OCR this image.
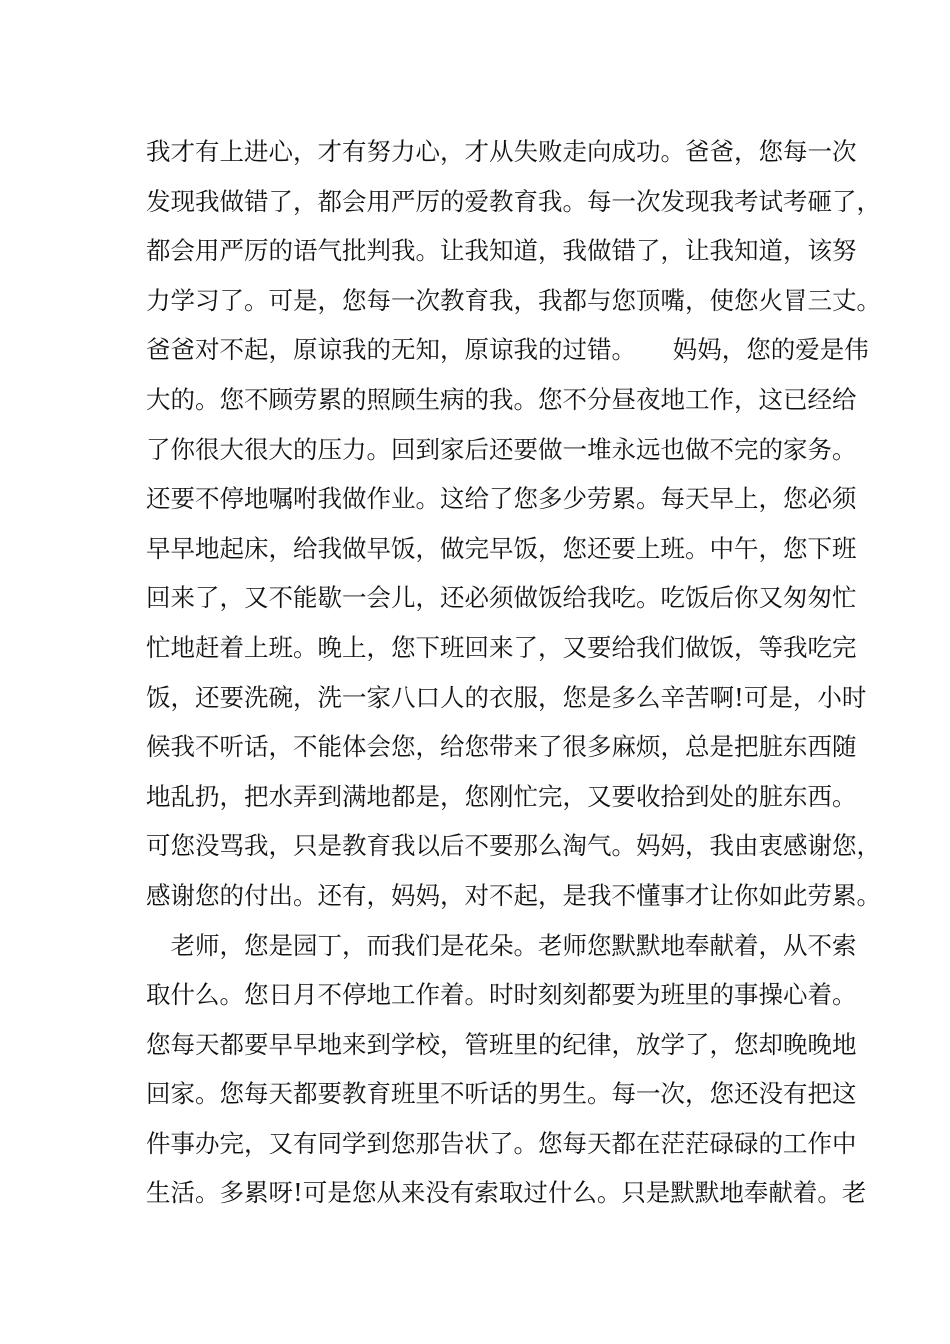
我才有上进心，才有努力心，才从失败走向成功。爸爸，您每一次
发现我做错了，都会用严厉的爱教育我。每一次发现我考试考砸了，
都会用严厉的语气批判我。让我知道，我做错了，让我知道，该努
力学习了。可是，您每一次教育我，我都与您顶嘴，使您火冒三丈。
爸爸对不起，原谅我的无知，原谅我的过错。　　妈妈，您的爱是伟
大的。您不顾劳累的照顾生病的我。您不分昼夜地工作，这已经给
了你很大很大的压力。回到家后还要做一堆永远也做不完的家务。
还要不停地嘱咐我做作业。这给了您多少劳累。每天早上，您必须
早早地起床，给我做早饭，做完早饭，您还要上班。中午，您下班
回来了，又不能歇一会儿，还必须做饭给我吃。吃饭后你又匆匆忙
忙地赶着上班。晚上，您下班回来了，又要给我们做饭，等我吃完
饭，还要洗碗，洗一家八口人的衣服，您是多么辛苦啊!可是，小时
候我不听话，不能体会您，给您带来了很多麻烦，总是把脏东西随
地乱扔，把水弄到满地都是，您刚忙完，又要收拾到处的脏东西。
可您没骂我，只是教育我以后不要那么淘气。妈妈，我由衷感谢您，
感谢您的付出。还有，妈妈，对不起，是我不懂事才让你如此劳累。
　老师，您是园丁，而我们是花朵。老师您默默地奉献着，从不索
取什么。您日月不停地工作着。时时刻刻都要为班里的事操心着。
您每天都要早早地来到学校，管班里的纪律，放学了，您却晚晚地
回家。您每天都要教育班里不听话的男生。每一次，您还没有把这
件事办完，又有同学到您那告状了。您每天都在茫茫碌碌的工作中
生活。多累呀!可是您从来没有索取过什么。只是默默地奉献着。老
